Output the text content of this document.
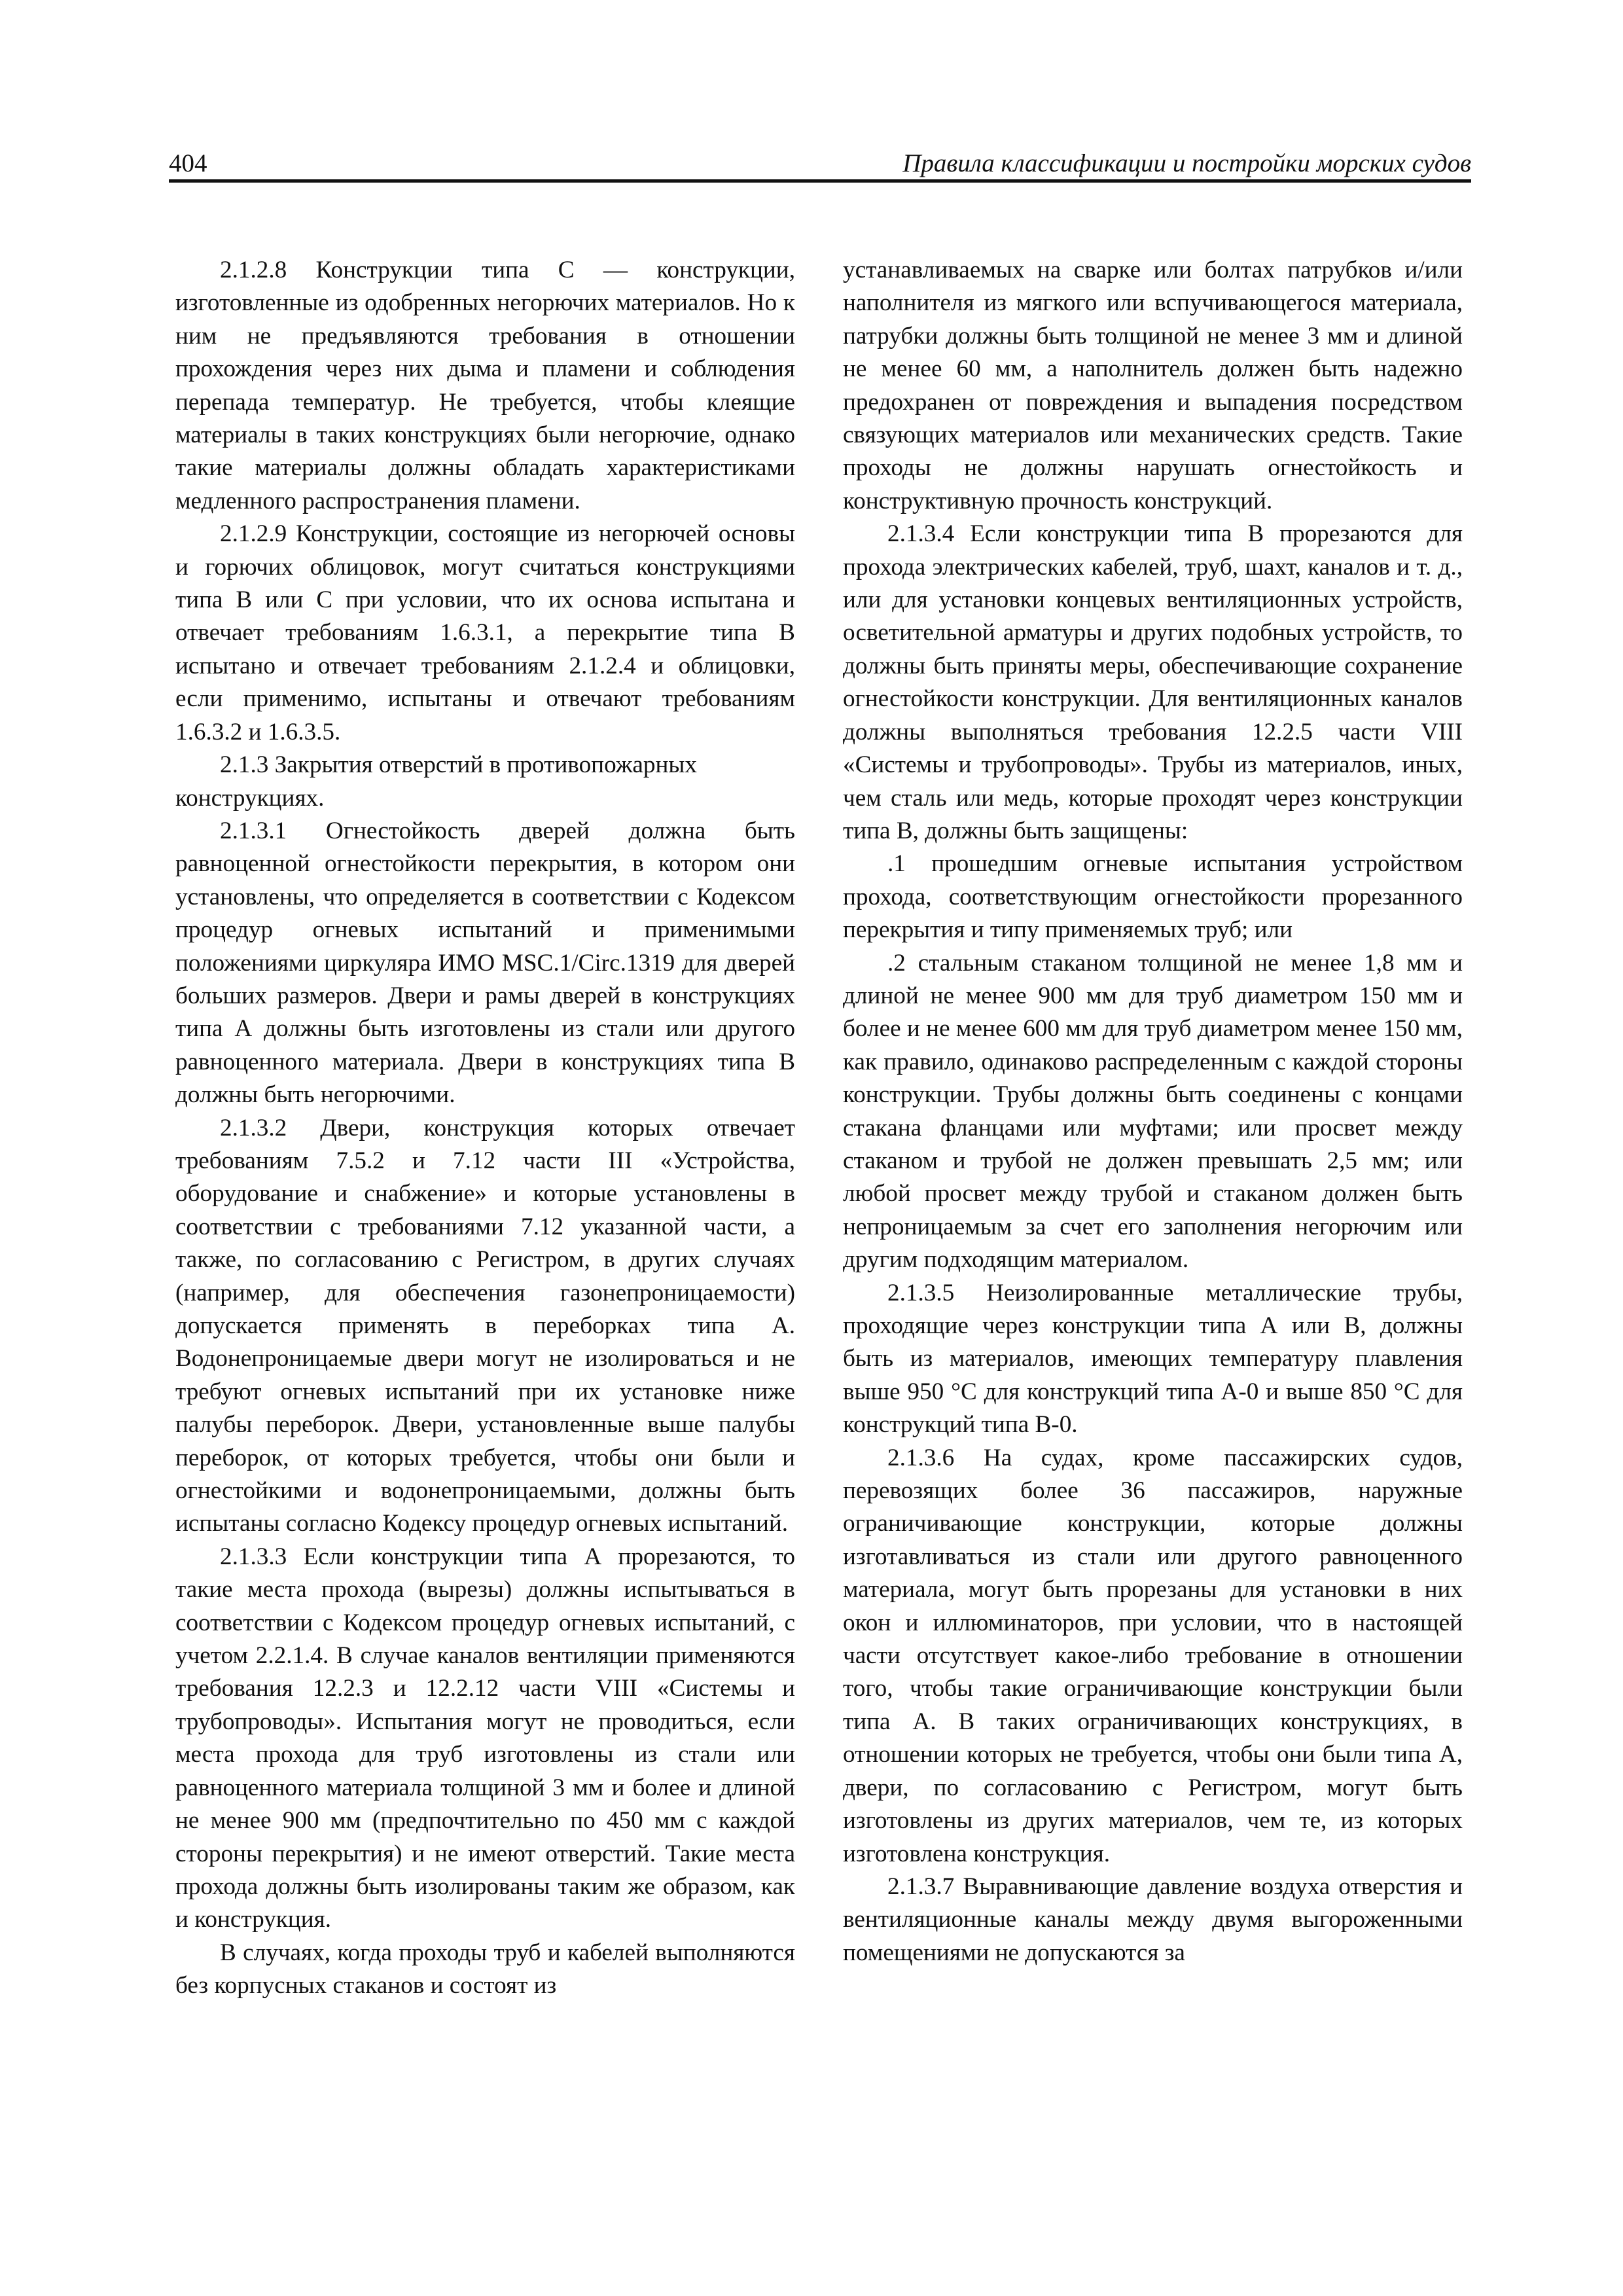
404	Правила классификации и постройки морских судов

2.1.2.8 Конструкции типа С — конструкции, изготовленные из одобренных негорючих материалов. Но к ним не предъявляются требования в отношении прохождения через них дыма и пламени и соблюдения перепада температур. Не требуется, чтобы клеящие материалы в таких конструкциях были негорючие, однако такие материалы должны обладать характеристиками медленного распространения пламени.

2.1.2.9 Конструкции, состоящие из негорючей основы и горючих облицовок, могут считаться конструкциями типа В или С при условии, что их основа испытана и отвечает требованиям 1.6.3.1, а перекрытие типа В испытано и отвечает требованиям 2.1.2.4 и облицовки, если применимо, испытаны и отвечают требованиям 1.6.3.2 и 1.6.3.5.

2.1.3 Закрытия отверстий в противопожарных конструкциях.

2.1.3.1 Огнестойкость дверей должна быть равноценной огнестойкости перекрытия, в котором они установлены, что определяется в соответствии с Кодексом процедур огневых испытаний и применимыми положениями циркуляра ИМО MSC.1/Circ.1319 для дверей больших размеров. Двери и рамы дверей в конструкциях типа А должны быть изготовлены из стали или другого равноценного материала. Двери в конструкциях типа В должны быть негорючими.

2.1.3.2 Двери, конструкция которых отвечает требованиям 7.5.2 и 7.12 части III «Устройства, оборудование и снабжение» и которые установлены в соответствии с требованиями 7.12 указанной части, а также, по согласованию с Регистром, в других случаях (например, для обеспечения газонепроницаемости) допускается применять в переборках типа А. Водонепроницаемые двери могут не изолироваться и не требуют огневых испытаний при их установке ниже палубы переборок. Двери, установленные выше палубы переборок, от которых требуется, чтобы они были и огнестойкими и водонепроницаемыми, должны быть испытаны согласно Кодексу процедур огневых испытаний.

2.1.3.3 Если конструкции типа А прорезаются, то такие места прохода (вырезы) должны испытываться в соответствии с Кодексом процедур огневых испытаний, с учетом 2.2.1.4. В случае каналов вентиляции применяются требования 12.2.3 и 12.2.12 части VIII «Системы и трубопроводы». Испытания могут не проводиться, если места прохода для труб изготовлены из стали или равноценного материала толщиной 3 мм и более и длиной не менее 900 мм (предпочтительно по 450 мм с каждой стороны перекрытия) и не имеют отверстий. Такие места прохода должны быть изолированы таким же образом, как и конструкция.

В случаях, когда проходы труб и кабелей выполняются без корпусных стаканов и состоят из

устанавливаемых на сварке или болтах патрубков и/или наполнителя из мягкого или вспучивающегося материала, патрубки должны быть толщиной не менее 3 мм и длиной не менее 60 мм, а наполнитель должен быть надежно предохранен от повреждения и выпадения посредством связующих материалов или механических средств. Такие проходы не должны нарушать огнестойкость и конструктивную прочность конструкций.

2.1.3.4 Если конструкции типа В прорезаются для прохода электрических кабелей, труб, шахт, каналов и т. д., или для установки концевых вентиляционных устройств, осветительной арматуры и других подобных устройств, то должны быть приняты меры, обеспечивающие сохранение огнестойкости конструкции. Для вентиляционных каналов должны выполняться требования 12.2.5 части VIII «Системы и трубопроводы». Трубы из материалов, иных, чем сталь или медь, которые проходят через конструкции типа В, должны быть защищены:

.1 прошедшим огневые испытания устройством прохода, соответствующим огнестойкости прорезанного перекрытия и типу применяемых труб; или

.2 стальным стаканом толщиной не менее 1,8 мм и длиной не менее 900 мм для труб диаметром 150 мм и более и не менее 600 мм для труб диаметром менее 150 мм, как правило, одинаково распределенным с каждой стороны конструкции. Трубы должны быть соединены с концами стакана фланцами или муфтами; или просвет между стаканом и трубой не должен превышать 2,5 мм; или любой просвет между трубой и стаканом должен быть непроницаемым за счет его заполнения негорючим или другим подходящим материалом.

2.1.3.5 Неизолированные металлические трубы, проходящие через конструкции типа А или В, должны быть из материалов, имеющих температуру плавления выше 950 °С для конструкций типа А-0 и выше 850 °С для конструкций типа В-0.

2.1.3.6 На судах, кроме пассажирских судов, перевозящих более 36 пассажиров, наружные ограничивающие конструкции, которые должны изготавливаться из стали или другого равноценного материала, могут быть прорезаны для установки в них окон и иллюминаторов, при условии, что в настоящей части отсутствует какое-либо требование в отношении того, чтобы такие ограничивающие конструкции были типа А. В таких ограничивающих конструкциях, в отношении которых не требуется, чтобы они были типа А, двери, по согласованию с Регистром, могут быть изготовлены из других материалов, чем те, из которых изготовлена конструкция.

2.1.3.7 Выравнивающие давление воздуха отверстия и вентиляционные каналы между двумя выгороженными помещениями не допускаются за
